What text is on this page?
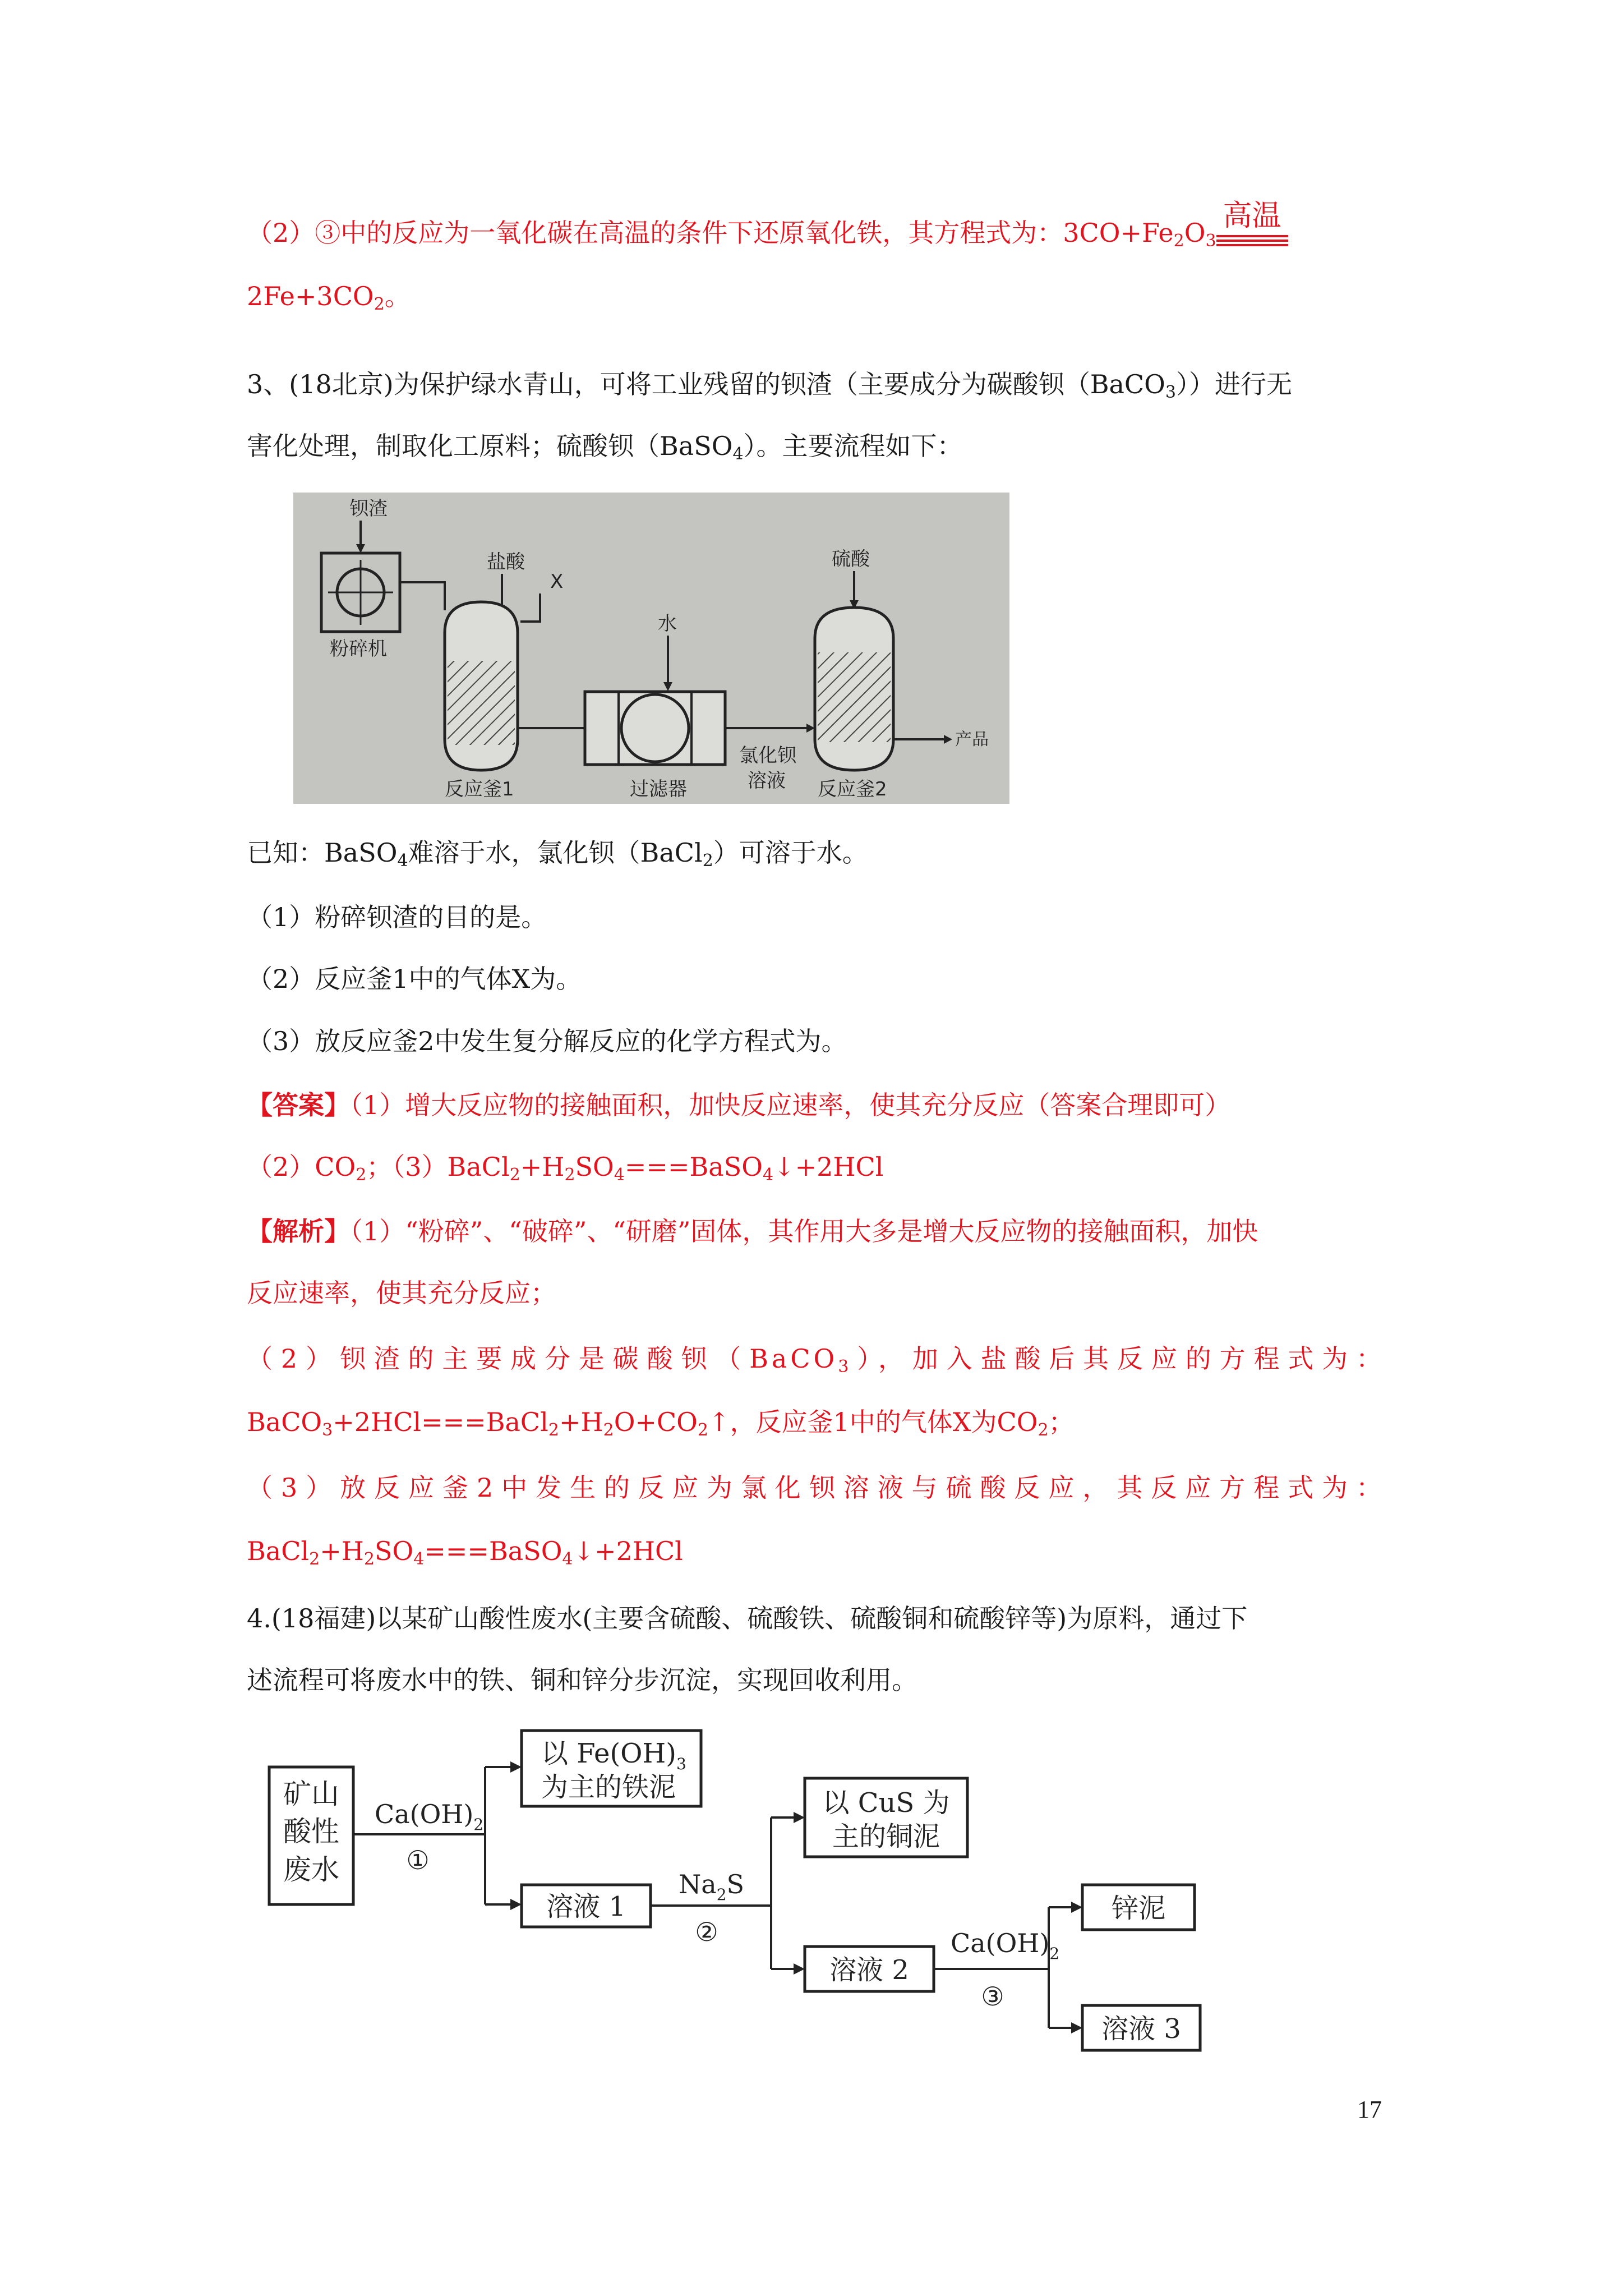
（2）③中的反应为一氧化碳在高温的条件下还原氧化铁，其方程式为：$3CO+Fe_2O_3$
高温
$2Fe+3CO_2$。
3、(18北京)为保护绿水青山，可将工业残留的钡渣（主要成分为碳酸钡（BaCO$_3$））进行无
害化处理，制取化工原料；硫酸钡（BaSO$_4$）。主要流程如下：
钡渣
粉碎机
盐酸
X
反应釜1
水
过滤器
氯化钡
溶液
硫酸
反应釜2
产品
已知：BaSO$_4$难溶于水，氯化钡（BaCl$_2$）可溶于水。
（1）粉碎钡渣的目的是。
（2）反应釜1中的气体X为。
（3）放反应釜2中发生复分解反应的化学方程式为。
【答案】（1）增大反应物的接触面积，加快反应速率，使其充分反应（答案合理即可）
$(2)CO_2$；$(3)BaCl_2+H_2SO_4===BaSO_4↓+2HCl$
【解析】（1）“粉碎”、“破碎”、“研磨”固体，其作用大多是增大反应物的接触面积，加快
反应速率，使其充分反应；
（2）钡渣的主要成分是碳酸钡（BaCO$_3$），加入盐酸后其反应的方程式为：
$BaCO_3+2HCl===BaCl_2+H_2O+CO_2↑$，反应釜1中的气体X为$CO_2$；
（3）放反应釜2中发生的反应为氯化钡溶液与硫酸反应，其反应方程式为：
$BaCl_2+H_2SO_4===BaSO_4↓+2HCl$
4.(18福建)以某矿山酸性废水(主要含硫酸、硫酸铁、硫酸铜和硫酸锌等)为原料，通过下
述流程可将废水中的铁、铜和锌分步沉淀，实现回收利用。
矿山
酸性
废水
$Ca(OH)_2$
①
以 $Fe(OH)_3$
为主的铁泥
溶液 1
$Na_2S$
②
以 CuS 为
主的铜泥
溶液 2
$Ca(OH)_2$
③
锌泥
溶液 3
17
